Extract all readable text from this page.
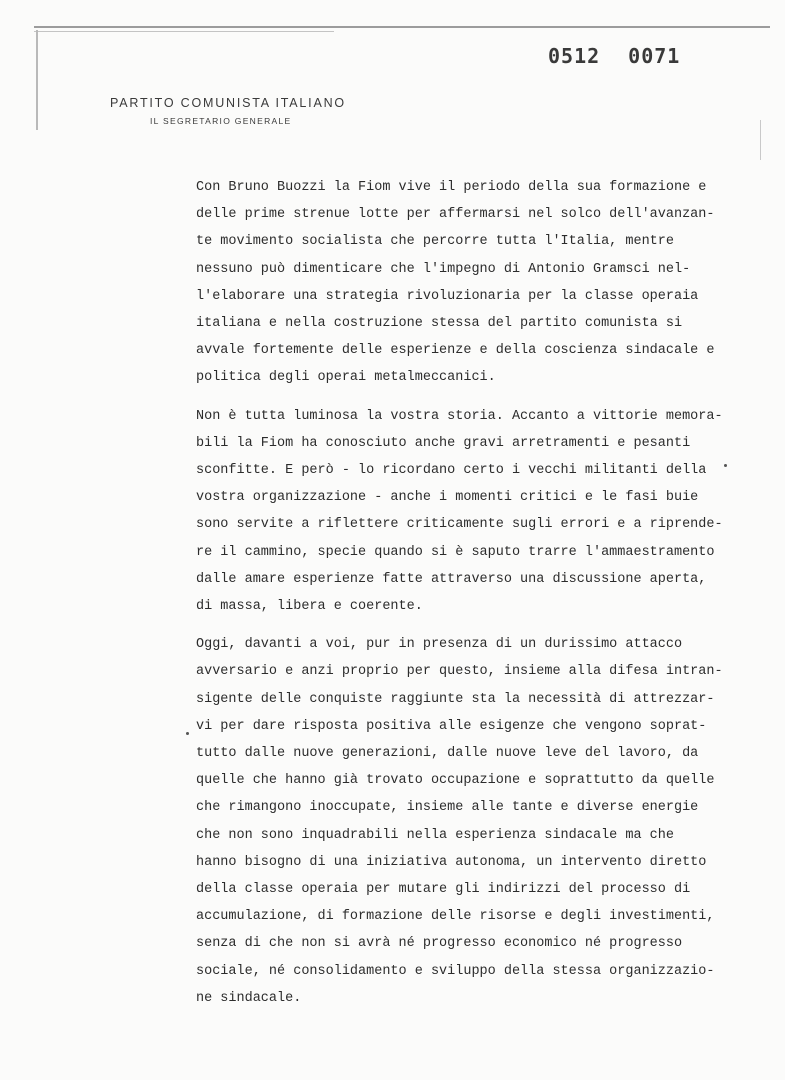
0512 0071

PARTITO COMUNISTA ITALIANO

IL SEGRETARIO GENERALE

Con Bruno Buozzi la Fiom vive il periodo della sua formazione e
delle prime strenue lotte per affermarsi nel solco dell'avanzan-
te movimento socialista che percorre tutta l'Italia, mentre
nessuno può dimenticare che l'impegno di Antonio Gramsci nel-
l'elaborare una strategia rivoluzionaria per la classe operaia
italiana e nella costruzione stessa del partito comunista si
avvale fortemente delle esperienze e della coscienza sindacale e
politica degli operai metalmeccanici.
Non è tutta luminosa la vostra storia. Accanto a vittorie memora-
bili la Fiom ha conosciuto anche gravi arretramenti e pesanti
sconfitte. E però - lo ricordano certo i vecchi militanti della
vostra organizzazione - anche i momenti critici e le fasi buie
sono servite a riflettere criticamente sugli errori e a riprende-
re il cammino, specie quando si è saputo trarre l'ammaestramento
dalle amare esperienze fatte attraverso una discussione aperta,
di massa, libera e coerente.
Oggi, davanti a voi, pur in presenza di un durissimo attacco
avversario e anzi proprio per questo, insieme alla difesa intran-
sigente delle conquiste raggiunte sta la necessità di attrezzar-
vi per dare risposta positiva alle esigenze che vengono soprat-
tutto dalle nuove generazioni, dalle nuove leve del lavoro, da
quelle che hanno già trovato occupazione e soprattutto da quelle
che rimangono inoccupate, insieme alle tante e diverse energie
che non sono inquadrabili nella esperienza sindacale ma che
hanno bisogno di una iniziativa autonoma, un intervento diretto
della classe operaia per mutare gli indirizzi del processo di
accumulazione, di formazione delle risorse e degli investimenti,
senza di che non si avrà né progresso economico né progresso
sociale, né consolidamento e sviluppo della stessa organizzazio-
ne sindacale.
